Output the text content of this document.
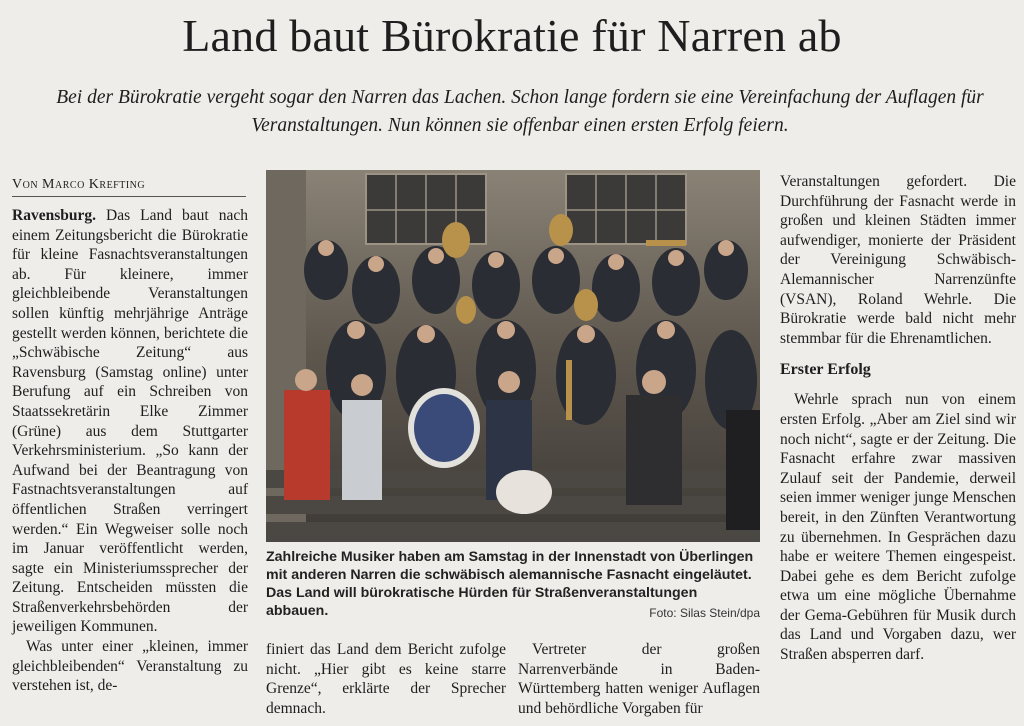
Land baut Bürokratie für Narren ab

Bei der Bürokratie vergeht sogar den Narren das Lachen. Schon lange fordern sie eine Vereinfachung der Auflagen für Veranstaltungen. Nun können sie offenbar einen ersten Erfolg feiern.

Von Marco Krefting

Ravensburg. Das Land baut nach einem Zeitungsbericht die Bürokratie für kleine Fasnachtsveranstaltungen ab. Für kleinere, immer gleichbleibende Veranstaltungen sollen künftig mehrjährige Anträge gestellt werden können, berichtete die „Schwäbische Zeitung“ aus Ravensburg (Samstag online) unter Berufung auf ein Schreiben von Staatssekretärin Elke Zimmer (Grüne) aus dem Stuttgarter Verkehrsministerium. „So kann der Aufwand bei der Beantragung von Fastnachtsveranstaltungen auf öffentlichen Straßen verringert werden.“ Ein Wegweiser solle noch im Januar veröffentlicht werden, sagte ein Ministeriumssprecher der Zeitung. Entscheiden müssten die Straßenverkehrsbehörden der jeweiligen Kommunen.

Was unter einer „kleinen, immer gleichbleibenden“ Veranstaltung zu verstehen ist, de-

Zahlreiche Musiker haben am Samstag in der Innenstadt von Überlingen mit anderen Narren die schwäbisch alemannische Fasnacht eingeläutet. Das Land will bürokratische Hürden für Straßenveranstaltungen abbauen.	Foto: Silas Stein/dpa

finiert das Land dem Bericht zufolge nicht. „Hier gibt es keine starre Grenze“, erklärte der Sprecher demnach.

Vertreter der großen Narrenverbände in Baden-Württemberg hatten weniger Auflagen und behördliche Vorgaben für

Veranstaltungen gefordert. Die Durchführung der Fasnacht werde in großen und kleinen Städten immer aufwendiger, monierte der Präsident der Vereinigung Schwäbisch-Alemannischer Narrenzünfte (VSAN), Roland Wehrle. Die Bürokratie werde bald nicht mehr stemmbar für die Ehrenamtlichen.

Erster Erfolg

Wehrle sprach nun von einem ersten Erfolg. „Aber am Ziel sind wir noch nicht“, sagte er der Zeitung. Die Fasnacht erfahre zwar massiven Zulauf seit der Pandemie, derweil seien immer weniger junge Menschen bereit, in den Zünften Verantwortung zu übernehmen. In Gesprächen dazu habe er weitere Themen eingespeist. Dabei gehe es dem Bericht zufolge etwa um eine mögliche Übernahme der Gema-Gebühren für Musik durch das Land und Vorgaben dazu, wer Straßen absperren darf.
